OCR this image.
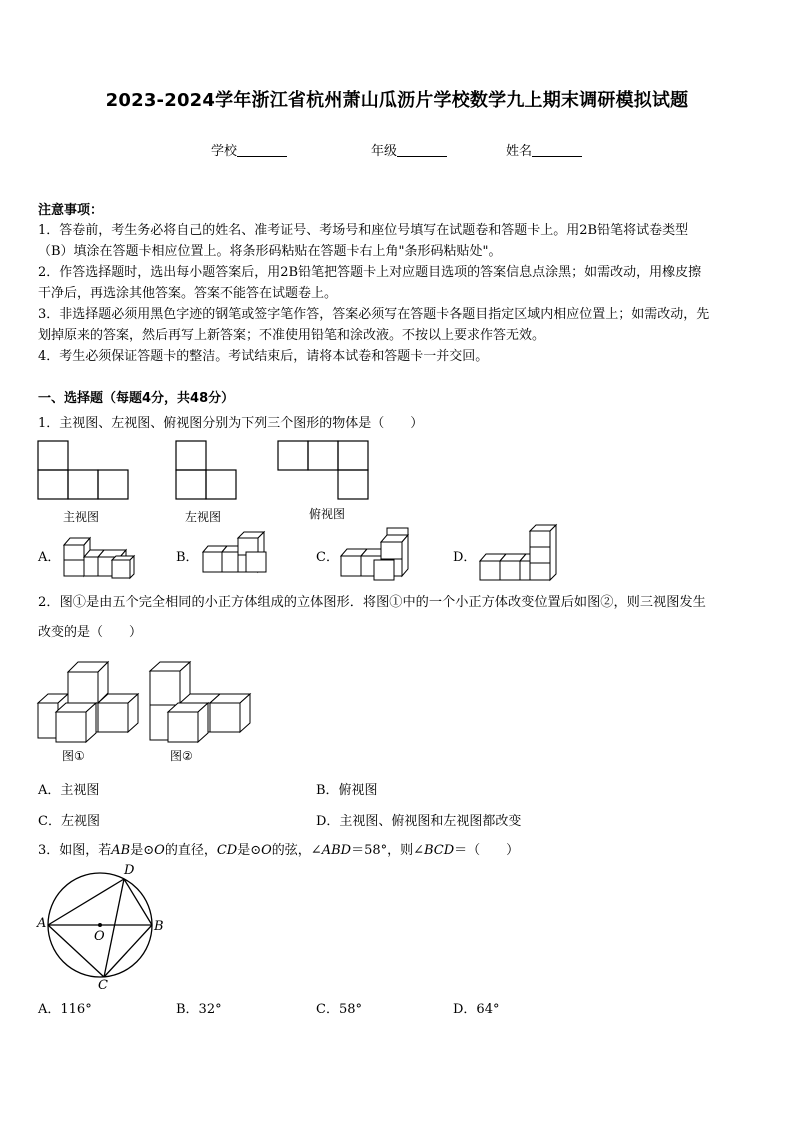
2023-2024学年浙江省杭州萧山瓜沥片学校数学九上期末调研模拟试题
学校	年级	姓名
注意事项：
1．答卷前，考生务必将自己的姓名、准考证号、考场号和座位号填写在试题卷和答题卡上。用2B铅笔将试卷类型
（B）填涂在答题卡相应位置上。将条形码粘贴在答题卡右上角"条形码粘贴处"。
2．作答选择题时，选出每小题答案后，用2B铅笔把答题卡上对应题目选项的答案信息点涂黑；如需改动，用橡皮擦
干净后，再选涂其他答案。答案不能答在试题卷上。
3．非选择题必须用黑色字迹的钢笔或签字笔作答，答案必须写在答题卡各题目指定区域内相应位置上；如需改动，先
划掉原来的答案，然后再写上新答案；不准使用铅笔和涂改液。不按以上要求作答无效。
4．考生必须保证答题卡的整洁。考试结束后，请将本试卷和答题卡一并交回。
一、选择题（每题4分，共48分）
1．主视图、左视图、俯视图分别为下列三个图形的物体是（　　）
主视图	左视图	俯视图
A．	B．	C．	D．
2．图①是由五个完全相同的小正方体组成的立体图形．将图①中的一个小正方体改变位置后如图②，则三视图发生
改变的是（　　）
图①	图②
A．主视图	B．俯视图
C．左视图	D．主视图、俯视图和左视图都改变
3．如图，若AB是⊙O的直径，CD是⊙O的弦，∠ABD＝58°，则∠BCD＝（　　）
A	B
C
D
O
A．116°	B．32°	C．58°	D．64°
